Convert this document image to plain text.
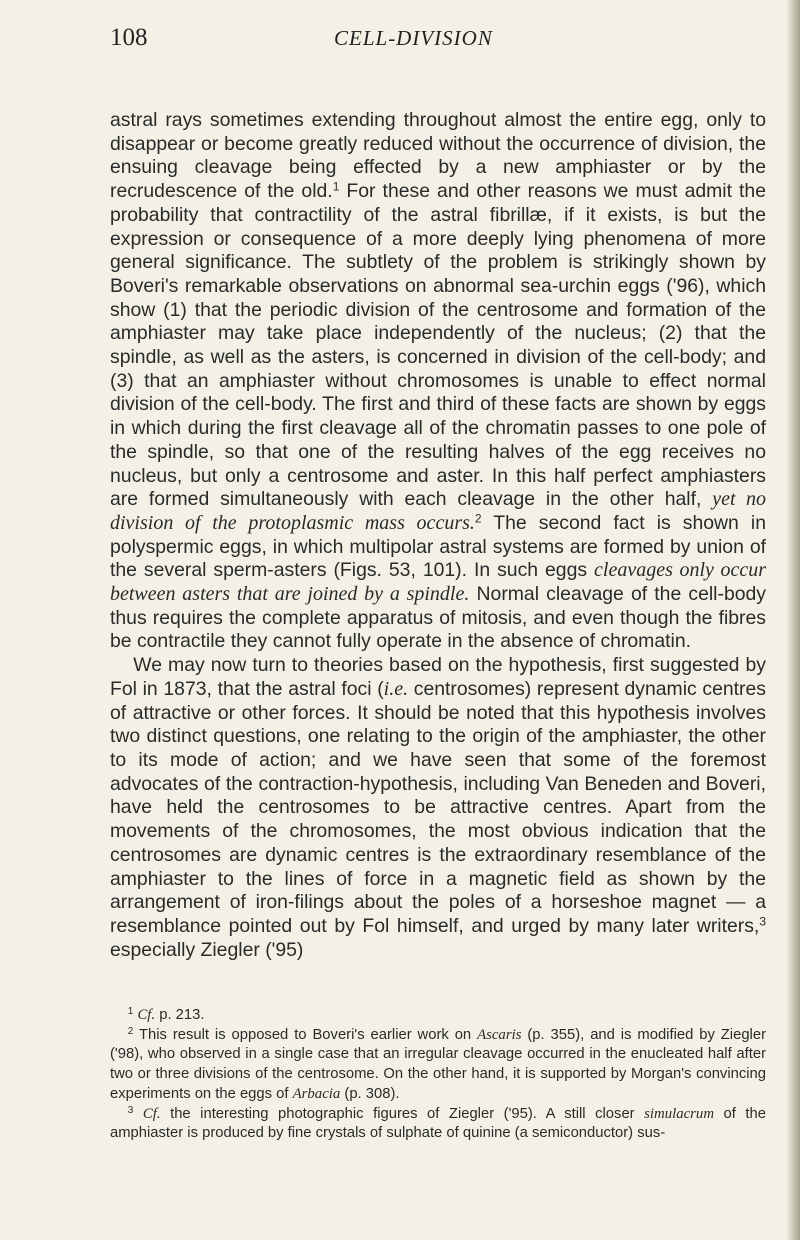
108	CELL-DIVISION

astral rays sometimes extending throughout almost the entire egg, only to disappear or become greatly reduced without the occurrence of division, the ensuing cleavage being effected by a new amphiaster or by the recrudescence of the old.$^1$ For these and other reasons we must admit the probability that contractility of the astral fibrillæ, if it exists, is but the expression or consequence of a more deeply lying phenomena of more general significance. The subtlety of the problem is strikingly shown by Boveri's remarkable observations on abnormal sea-urchin eggs ('96), which show (1) that the periodic division of the centrosome and formation of the amphiaster may take place independently of the nucleus; (2) that the spindle, as well as the asters, is concerned in division of the cell-body; and (3) that an amphiaster without chromosomes is unable to effect normal division of the cell-body. The first and third of these facts are shown by eggs in which during the first cleavage all of the chromatin passes to one pole of the spindle, so that one of the resulting halves of the egg receives no nucleus, but only a centrosome and aster. In this half perfect amphiasters are formed simultaneously with each cleavage in the other half, yet no division of the protoplasmic mass occurs.$^2$ The second fact is shown in polyspermic eggs, in which multipolar astral systems are formed by union of the several sperm-asters (Figs. 53, 101). In such eggs cleavages only occur between asters that are joined by a spindle. Normal cleavage of the cell-body thus requires the complete apparatus of mitosis, and even though the fibres be contractile they cannot fully operate in the absence of chromatin.

We may now turn to theories based on the hypothesis, first suggested by Fol in 1873, that the astral foci (i.e. centrosomes) represent dynamic centres of attractive or other forces. It should be noted that this hypothesis involves two distinct questions, one relating to the origin of the amphiaster, the other to its mode of action; and we have seen that some of the foremost advocates of the contraction-hypothesis, including Van Beneden and Boveri, have held the centrosomes to be attractive centres. Apart from the movements of the chromosomes, the most obvious indication that the centrosomes are dynamic centres is the extraordinary resemblance of the amphiaster to the lines of force in a magnetic field as shown by the arrangement of iron-filings about the poles of a horseshoe magnet — a resemblance pointed out by Fol himself, and urged by many later writers,$^3$ especially Ziegler ('95)

$^1$ Cf. p. 213.

$^2$ This result is opposed to Boveri's earlier work on Ascaris (p. 355), and is modified by Ziegler ('98), who observed in a single case that an irregular cleavage occurred in the enucleated half after two or three divisions of the centrosome. On the other hand, it is supported by Morgan's convincing experiments on the eggs of Arbacia (p. 308).

$^3$ Cf. the interesting photographic figures of Ziegler ('95). A still closer simulacrum of the amphiaster is produced by fine crystals of sulphate of quinine (a semiconductor) sus-
